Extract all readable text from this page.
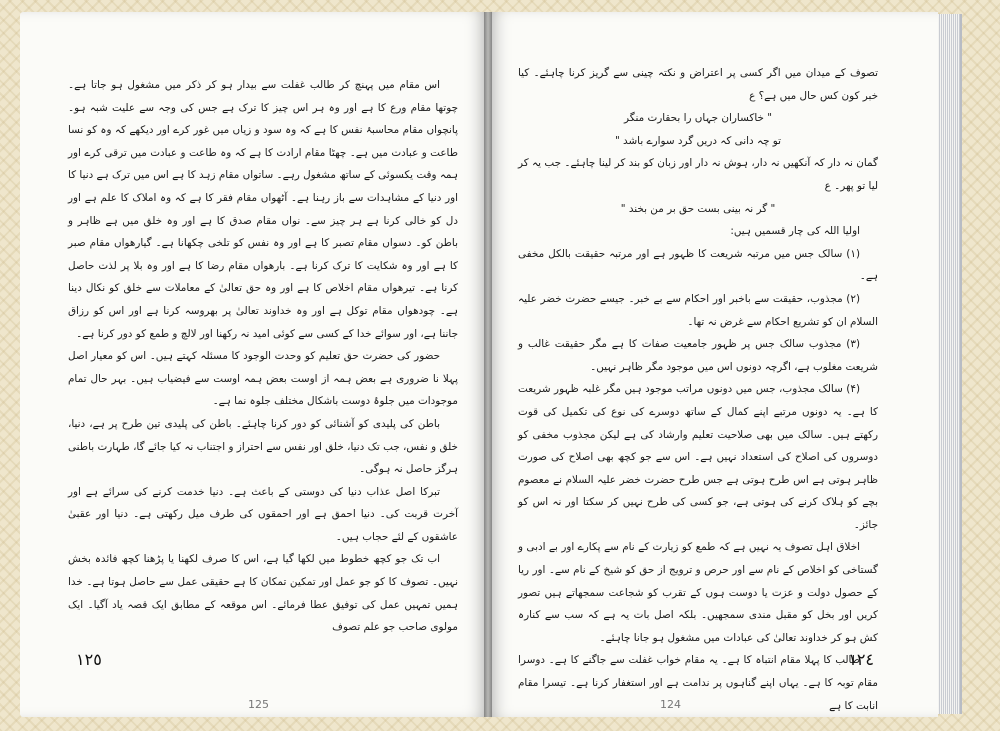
اس مقام میں پہنچ کر طالب غفلت سے بیدار ہو کر ذکر میں مشغول ہو جاتا ہے۔ چوتھا مقام ورع کا ہے اور وہ ہر اس چیز کا ترک ہے جس کی وجہ سے علیت شبہ ہو۔ پانچواں مقام محاسبۂ نفس کا ہے کہ وہ سود و زیاں میں غور کرے اور دیکھے کہ وہ کو نسا طاعت و عبادت میں ہے۔ چھٹا مقام ارادت کا ہے کہ وہ طاعت و عبادت میں ترقی کرے اور ہمہ وقت یکسوئی کے ساتھ مشغول رہے۔ ساتواں مقام زہد کا ہے اس میں ترک ہے دنیا کا اور دنیا کے مشاہدات سے باز رہنا ہے۔ آٹھواں مقام فقر کا ہے کہ وہ املاک کا علم ہے اور دل کو خالی کرنا ہے ہر چیز سے۔ نواں مقام صدق کا ہے اور وہ خلق میں ہے ظاہر و باطن کو۔ دسواں مقام تصبر کا ہے اور وہ نفس کو تلخی چکھانا ہے۔ گیارھواں مقام صبر کا ہے اور وہ شکایت کا ترک کرنا ہے۔ بارھواں مقام رضا کا ہے اور وہ بلا پر لذت حاصل کرنا ہے۔ تیرھواں مقام اخلاص کا ہے اور وہ حق تعالیٰ کے معاملات سے خلق کو نکال دینا ہے۔ چودھواں مقام توکل ہے اور وہ خداوند تعالیٰ پر بھروسہ کرنا ہے اور اس کو رزاق جاننا ہے، اور سوائے خدا کے کسی سے کوئی امید نہ رکھنا اور لالچ و طمع کو دور کرنا ہے۔

حضور کی حضرت حق تعلیم کو وحدت الوجود کا مسئلہ کہتے ہیں۔ اس کو معیار اصل پہلا نا ضروری ہے بعض ہمہ از اوست بعض ہمہ اوست سے فیضیاب ہیں۔ بہر حال تمام موجودات میں جلوۂ دوست باشکال مختلف جلوہ نما ہے۔

باطن کی پلیدی کو آشنائی کو دور کرنا چاہئے۔ باطن کی پلیدی تین طرح پر ہے، دنیا، خلق و نفس، جب تک دنیا، خلق اور نفس سے احتراز و اجتناب نہ کیا جائے گا، طہارت باطنی ہرگز حاصل نہ ہوگی۔

تبرکا اصل عذاب دنیا کی دوستی کے باعث ہے۔ دنیا خدمت کرنے کی سرائے ہے اور آخرت قربت کی۔ دنیا احمق ہے اور احمقوں کی طرف میل رکھتی ہے۔ دنیا اور عقبیٰ عاشقوں کے لئے حجاب ہیں۔

اب تک جو کچھ خطوط میں لکھا گیا ہے، اس کا صرف لکھنا یا پڑھنا کچھ فائدہ بخش نہیں۔ تصوف کا کو جو عمل اور تمکین تمکان کا ہے حقیقی عمل سے حاصل ہوتا ہے۔ خدا ہمیں تمہیں عمل کی توفیق عطا فرمائے۔ اس موقعہ کے مطابق ایک قصہ یاد آگیا۔ ایک مولوی صاحب جو علم تصوف

١٢٥
125

تصوف کے میدان میں اگر کسی پر اعتراض و نکتہ چینی سے گریز کرنا چاہئے۔ کیا خبر کون کس حال میں ہے؟ ع

" خاکساران جہاں را بحقارت منگر

تو چہ دانی کہ دریں گرد سوارے باشد "

گمان نہ دار کہ آنکھیں نہ دار، ہوش نہ دار اور زبان کو بند کر لینا چاہئے۔ جب یہ کر لیا تو پھر۔ ع

" گر نہ بینی بست حق بر من بخند "

اولیا اللہ کی چار قسمیں ہیں:

(۱) سالک جس میں مرتبہ شریعت کا ظہور ہے اور مرتبہ حقیقت بالکل مخفی ہے۔

(۲) مجذوب، حقیقت سے باخبر اور احکام سے بے خبر۔ جیسے حضرت خضر علیہ السلام ان کو تشریع احکام سے غرض نہ تھا۔

(۳) مجذوب سالک جس پر ظہور جامعیت صفات کا ہے مگر حقیقت غالب و شریعت مغلوب ہے، اگرچہ دونوں اس میں موجود مگر ظاہر نہیں۔

(۴) سالک مجذوب، جس میں دونوں مراتب موجود ہیں مگر غلبہ ظہور شریعت کا ہے۔ یہ دونوں مرتبے اپنے کمال کے ساتھ دوسرے کی نوع کی تکمیل کی قوت رکھتے ہیں۔ سالک میں بھی صلاحیت تعلیم وارشاد کی ہے لیکن مجذوب مخفی کو دوسروں کی اصلاح کی استعداد نہیں ہے۔ اس سے جو کچھ بھی اصلاح کی صورت ظاہر ہوتی ہے اس طرح ہوتی ہے جس طرح حضرت خضر علیہ السلام نے معصوم بچے کو ہلاک کرنے کی ہوتی ہے، جو کسی کی طرح نہیں کر سکتا اور نہ اس کو جائز۔

اخلاق اہل تصوف یہ نہیں ہے کہ طمع کو زیارت کے نام سے پکارے اور بے ادبی و گستاخی کو اخلاص کے نام سے اور حرص و ترویج از حق کو شیخ کے نام سے۔ اور ریا کے حصول دولت و عزت یا دوست ہوں کے تقرب کو شجاعت سمجھاتے ہیں تصور کریں اور بخل کو مقبل مندی سمجھیں۔ بلکہ اصل بات یہ ہے کہ سب سے کنارہ کش ہو کر خداوند تعالیٰ کی عبادات میں مشغول ہو جانا چاہئے۔

طالب کا پہلا مقام انتباہ کا ہے۔ یہ مقام خواب غفلت سے جاگنے کا ہے۔ دوسرا مقام توبہ کا ہے۔ یہاں اپنے گناہوں پر ندامت ہے اور استغفار کرنا ہے۔ تیسرا مقام انابت کا ہے

١٢٤
124
